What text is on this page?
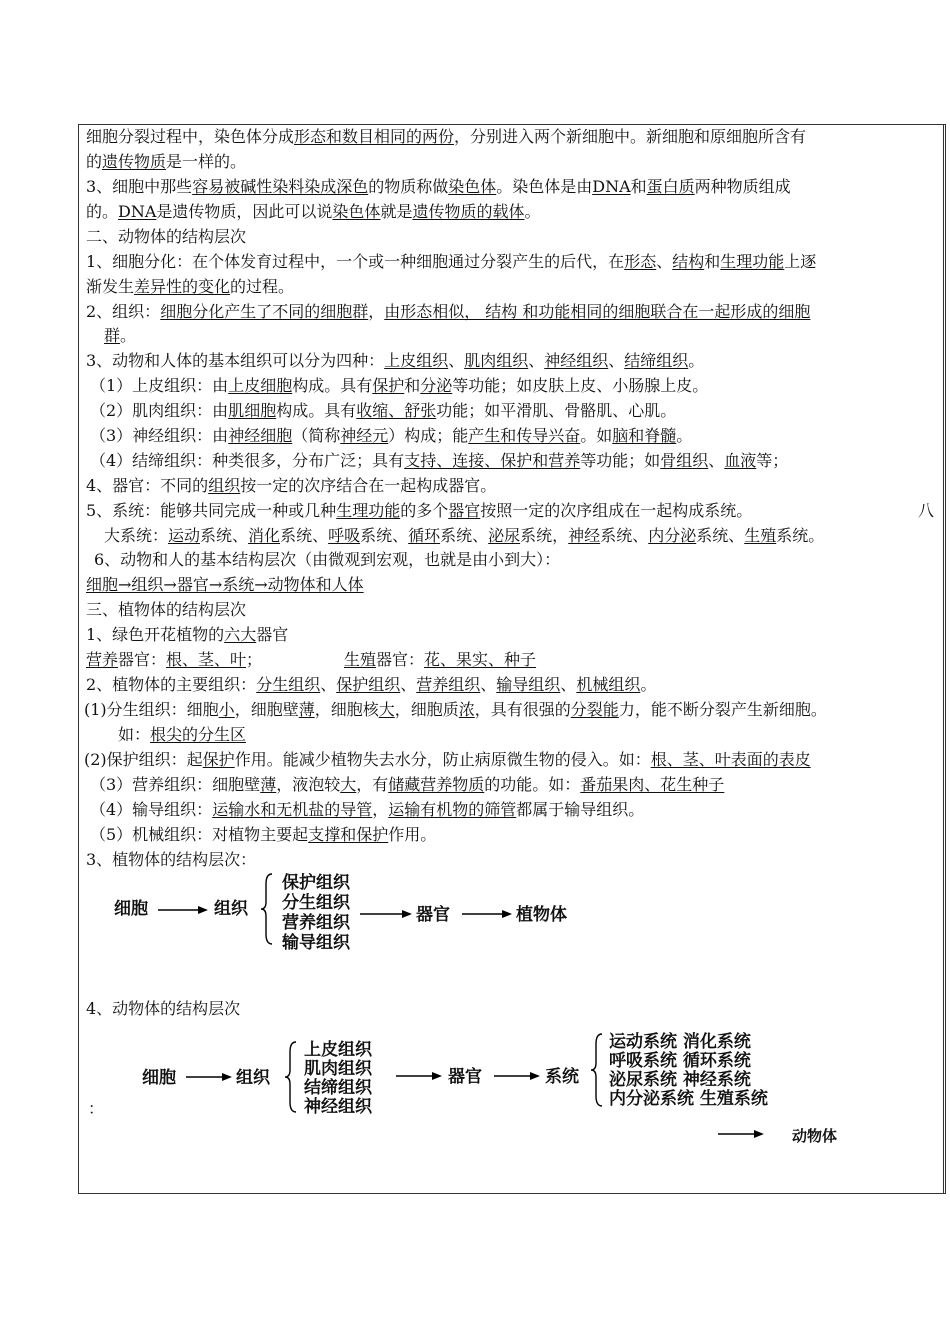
细胞分裂过程中，染色体分成形态和数目相同的两份，分别进入两个新细胞中。新细胞和原细胞所含有
的遗传物质是一样的。
3、细胞中那些容易被碱性染料染成深色的物质称做染色体。染色体是由DNA和蛋白质两种物质组成
的。DNA是遗传物质，因此可以说染色体就是遗传物质的载体。
二、动物体的结构层次
1、细胞分化：在个体发育过程中，一个或一种细胞通过分裂产生的后代，在形态、结构和生理功能上逐
渐发生差异性的变化的过程。
2、组织：细胞分化产生了不同的细胞群，由形态相似， 结构 和功能相同的细胞联合在一起形成的细胞
群。
3、动物和人体的基本组织可以分为四种：上皮组织、肌肉组织、神经组织、结缔组织。
（1）上皮组织：由上皮细胞构成。具有保护和分泌等功能；如皮肤上皮、小肠腺上皮。
（2）肌肉组织：由肌细胞构成。具有收缩、舒张功能；如平滑肌、骨骼肌、心肌。
（3）神经组织：由神经细胞（简称神经元）构成；能产生和传导兴奋。如脑和脊髓。
（4）结缔组织：种类很多，分布广泛；具有支持、连接、保护和营养等功能；如骨组织、血液等；
4、器官：不同的组织按一定的次序结合在一起构成器官。
5、系统：能够共同完成一种或几种生理功能的多个器官按照一定的次序组成在一起构成系统。	八
大系统：运动系统、消化系统、呼吸系统、循环系统、泌尿系统，神经系统、内分泌系统、生殖系统。
6、动物和人的基本结构层次（由微观到宏观，也就是由小到大）：
细胞→组织→器官→系统→动物体和人体
三、植物体的结构层次
1、绿色开花植物的六大器官
营养器官：根、茎、叶；	生殖器官：花、果实、种子
2、植物体的主要组织：分生组织、保护组织、营养组织、输导组织、机械组织。
(1)分生组织：细胞小，细胞壁薄，细胞核大，细胞质浓，具有很强的分裂能力，能不断分裂产生新细胞。
如：根尖的分生区
(2)保护组织：起保护作用。能减少植物失去水分，防止病原微生物的侵入。如：根、茎、叶表面的表皮
（3）营养组织：细胞壁薄，液泡较大，有储藏营养物质的功能。如：番茄果肉、花生种子
（4）输导组织：运输水和无机盐的导管，运输有机物的筛管都属于输导组织。
（5）机械组织：对植物主要起支撑和保护作用。
3、植物体的结构层次：
细胞	组织
保护组织
分生组织
营养组织
输导组织
器官	植物体
4、动物体的结构层次
细胞	组织
上皮组织
肌肉组织
结缔组织
神经组织
器官	系统
运动系统 消化系统
呼吸系统 循环系统
泌尿系统 神经系统
内分泌系统 生殖系统
动物体
：
